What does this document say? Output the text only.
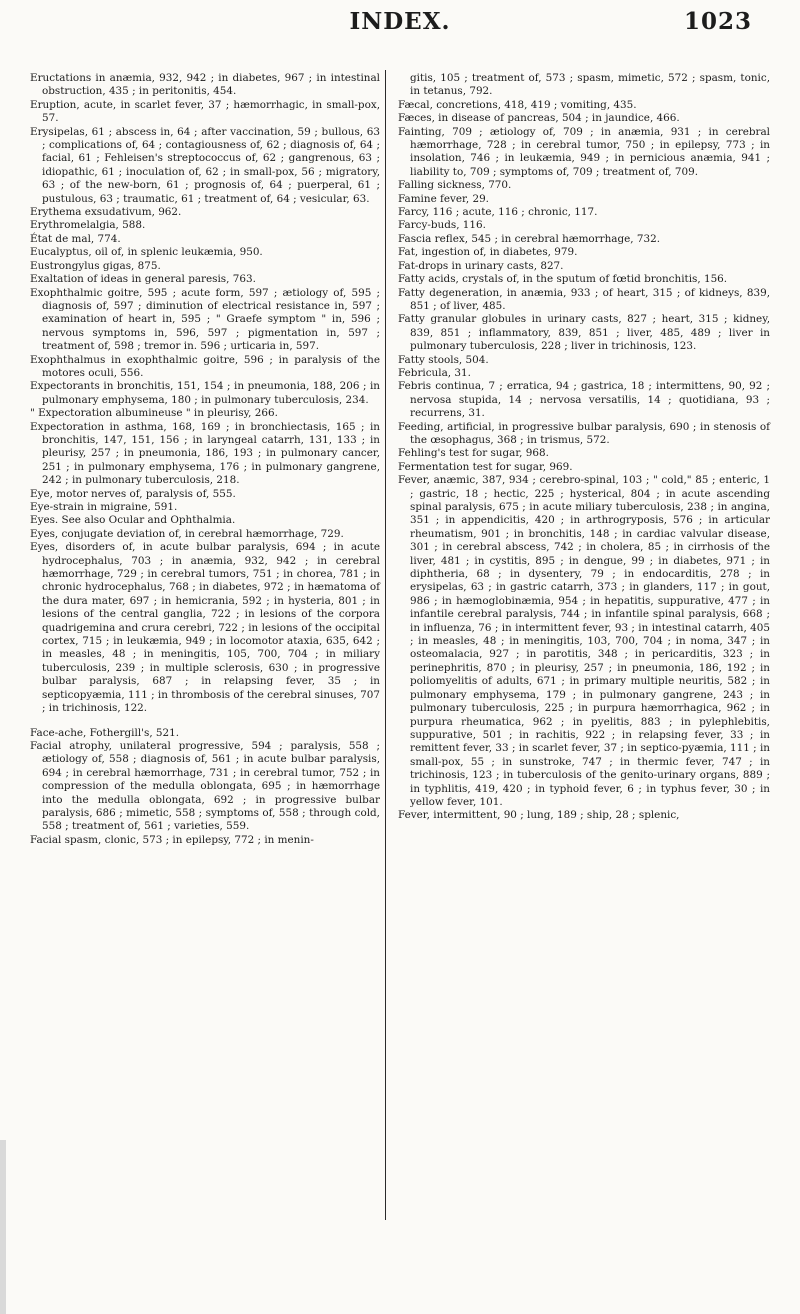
INDEX.	1023

Eructations in anæmia, 932, 942 ; in diabetes, 967 ; in intestinal obstruction, 435 ; in peritonitis, 454.

Eruption, acute, in scarlet fever, 37 ; hæmorrhagic, in small-pox, 57.

Erysipelas, 61 ; abscess in, 64 ; after vaccination, 59 ; bullous, 63 ; complications of, 64 ; contagiousness of, 62 ; diagnosis of, 64 ; facial, 61 ; Fehleisen's streptococcus of, 62 ; gangrenous, 63 ; idiopathic, 61 ; inoculation of, 62 ; in small-pox, 56 ; migratory, 63 ; of the new-born, 61 ; prognosis of, 64 ; puerperal, 61 ; pustulous, 63 ; traumatic, 61 ; treatment of, 64 ; vesicular, 63.

Erythema exsudativum, 962.

Erythromelalgia, 588.

État de mal, 774.

Eucalyptus, oil of, in splenic leukæmia, 950.

Eustrongylus gigas, 875.

Exaltation of ideas in general paresis, 763.

Exophthalmic goitre, 595 ; acute form, 597 ; ætiology of, 595 ; diagnosis of, 597 ; diminution of electrical resistance in, 597 ; examination of heart in, 595 ; " Graefe symptom " in, 596 ; nervous symptoms in, 596, 597 ; pigmentation in, 597 ; treatment of, 598 ; tremor in. 596 ; urticaria in, 597.

Exophthalmus in exophthalmic goitre, 596 ; in paralysis of the motores oculi, 556.

Expectorants in bronchitis, 151, 154 ; in pneumonia, 188, 206 ; in pulmonary emphysema, 180 ; in pulmonary tuberculosis, 234.

" Expectoration albumineuse " in pleurisy, 266.

Expectoration in asthma, 168, 169 ; in bronchiectasis, 165 ; in bronchitis, 147, 151, 156 ; in laryngeal catarrh, 131, 133 ; in pleurisy, 257 ; in pneumonia, 186, 193 ; in pulmonary cancer, 251 ; in pulmonary emphysema, 176 ; in pulmonary gangrene, 242 ; in pulmonary tuberculosis, 218.

Eye, motor nerves of, paralysis of, 555.

Eye-strain in migraine, 591.

Eyes. See also Ocular and Ophthalmia.

Eyes, conjugate deviation of, in cerebral hæmorrhage, 729.

Eyes, disorders of, in acute bulbar paralysis, 694 ; in acute hydrocephalus, 703 ; in anæmia, 932, 942 ; in cerebral hæmorrhage, 729 ; in cerebral tumors, 751 ; in chorea, 781 ; in chronic hydrocephalus, 768 ; in diabetes, 972 ; in hæmatoma of the dura mater, 697 ; in hemicrania, 592 ; in hysteria, 801 ; in lesions of the central ganglia, 722 ; in lesions of the corpora quadrigemina and crura cerebri, 722 ; in lesions of the occipital cortex, 715 ; in leukæmia, 949 ; in locomotor ataxia, 635, 642 ; in measles, 48 ; in meningitis, 105, 700, 704 ; in miliary tuberculosis, 239 ; in multiple sclerosis, 630 ; in progressive bulbar paralysis, 687 ; in relapsing fever, 35 ; in septicopyæmia, 111 ; in thrombosis of the cerebral sinuses, 707 ; in trichinosis, 122.

Face-ache, Fothergill's, 521.

Facial atrophy, unilateral progressive, 594 ; paralysis, 558 ; ætiology of, 558 ; diagnosis of, 561 ; in acute bulbar paralysis, 694 ; in cerebral hæmorrhage, 731 ; in cerebral tumor, 752 ; in compression of the medulla oblongata, 695 ; in hæmorrhage into the medulla oblongata, 692 ; in progressive bulbar paralysis, 686 ; mimetic, 558 ; symptoms of, 558 ; through cold, 558 ; treatment of, 561 ; varieties, 559.

Facial spasm, clonic, 573 ; in epilepsy, 772 ; in menin-

gitis, 105 ; treatment of, 573 ; spasm, mimetic, 572 ; spasm, tonic, in tetanus, 792.

Fæcal, concretions, 418, 419 ; vomiting, 435.

Fæces, in disease of pancreas, 504 ; in jaundice, 466.

Fainting, 709 ; ætiology of, 709 ; in anæmia, 931 ; in cerebral hæmorrhage, 728 ; in cerebral tumor, 750 ; in epilepsy, 773 ; in insolation, 746 ; in leukæmia, 949 ; in pernicious anæmia, 941 ; liability to, 709 ; symptoms of, 709 ; treatment of, 709.

Falling sickness, 770.

Famine fever, 29.

Farcy, 116 ; acute, 116 ; chronic, 117.

Farcy-buds, 116.

Fascia reflex, 545 ; in cerebral hæmorrhage, 732.

Fat, ingestion of, in diabetes, 979.

Fat-drops in urinary casts, 827.

Fatty acids, crystals of, in the sputum of fœtid bronchitis, 156.

Fatty degeneration, in anæmia, 933 ; of heart, 315 ; of kidneys, 839, 851 ; of liver, 485.

Fatty granular globules in urinary casts, 827 ; heart, 315 ; kidney, 839, 851 ; inflammatory, 839, 851 ; liver, 485, 489 ; liver in pulmonary tuberculosis, 228 ; liver in trichinosis, 123.

Fatty stools, 504.

Febricula, 31.

Febris continua, 7 ; erratica, 94 ; gastrica, 18 ; intermittens, 90, 92 ; nervosa stupida, 14 ; nervosa versatilis, 14 ; quotidiana, 93 ; recurrens, 31.

Feeding, artificial, in progressive bulbar paralysis, 690 ; in stenosis of the œsophagus, 368 ; in trismus, 572.

Fehling's test for sugar, 968.

Fermentation test for sugar, 969.

Fever, anæmic, 387, 934 ; cerebro-spinal, 103 ; " cold," 85 ; enteric, 1 ; gastric, 18 ; hectic, 225 ; hysterical, 804 ; in acute ascending spinal paralysis, 675 ; in acute miliary tuberculosis, 238 ; in angina, 351 ; in appendicitis, 420 ; in arthrogryposis, 576 ; in articular rheumatism, 901 ; in bronchitis, 148 ; in cardiac valvular disease, 301 ; in cerebral abscess, 742 ; in cholera, 85 ; in cirrhosis of the liver, 481 ; in cystitis, 895 ; in dengue, 99 ; in diabetes, 971 ; in diphtheria, 68 ; in dysentery, 79 ; in endocarditis, 278 ; in erysipelas, 63 ; in gastric catarrh, 373 ; in glanders, 117 ; in gout, 986 ; in hæmoglobinæmia, 954 ; in hepatitis, suppurative, 477 ; in infantile cerebral paralysis, 744 ; in infantile spinal paralysis, 668 ; in influenza, 76 ; in intermittent fever, 93 ; in intestinal catarrh, 405 ; in measles, 48 ; in meningitis, 103, 700, 704 ; in noma, 347 ; in osteomalacia, 927 ; in parotitis, 348 ; in pericarditis, 323 ; in perinephritis, 870 ; in pleurisy, 257 ; in pneumonia, 186, 192 ; in poliomyelitis of adults, 671 ; in primary multiple neuritis, 582 ; in pulmonary emphysema, 179 ; in pulmonary gangrene, 243 ; in pulmonary tuberculosis, 225 ; in purpura hæmorrhagica, 962 ; in purpura rheumatica, 962 ; in pyelitis, 883 ; in pylephlebitis, suppurative, 501 ; in rachitis, 922 ; in relapsing fever, 33 ; in remittent fever, 33 ; in scarlet fever, 37 ; in septico-pyæmia, 111 ; in small-pox, 55 ; in sunstroke, 747 ; in thermic fever, 747 ; in trichinosis, 123 ; in tuberculosis of the genito-urinary organs, 889 ; in typhlitis, 419, 420 ; in typhoid fever, 6 ; in typhus fever, 30 ; in yellow fever, 101.

Fever, intermittent, 90 ; lung, 189 ; ship, 28 ; splenic,
